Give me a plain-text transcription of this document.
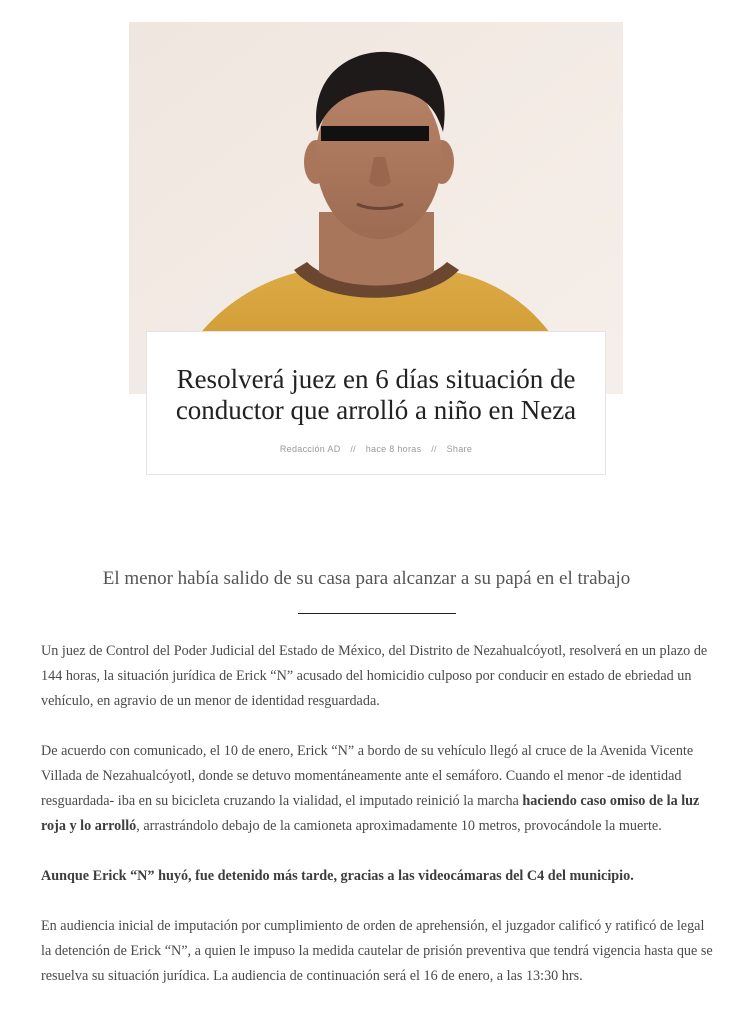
Resolverá juez en 6 días situación de conductor que arrolló a niño en Neza
Redacción AD // hace 8 horas // Share
El menor había salido de su casa para alcanzar a su papá en el trabajo

Un juez de Control del Poder Judicial del Estado de México, del Distrito de Nezahualcóyotl, resolverá en un plazo de 144 horas, la situación jurídica de Erick “N” acusado del homicidio culposo por conducir en estado de ebriedad un vehículo, en agravio de un menor de identidad resguardada.

De acuerdo con comunicado, el 10 de enero, Erick “N” a bordo de su vehículo llegó al cruce de la Avenida Vicente Villada de Nezahualcóyotl, donde se detuvo momentáneamente ante el semáforo. Cuando el menor -de identidad resguardada- iba en su bicicleta cruzando la vialidad, el imputado reinició la marcha haciendo caso omiso de la luz roja y lo arrolló, arrastrándolo debajo de la camioneta aproximadamente 10 metros, provocándole la muerte.

Aunque Erick “N” huyó, fue detenido más tarde, gracias a las videocámaras del C4 del municipio.

En audiencia inicial de imputación por cumplimiento de orden de aprehensión, el juzgador calificó y ratificó de legal la detención de Erick “N”, a quien le impuso la medida cautelar de prisión preventiva que tendrá vigencia hasta que se resuelva su situación jurídica. La audiencia de continuación será el 16 de enero, a las 13:30 hrs.
